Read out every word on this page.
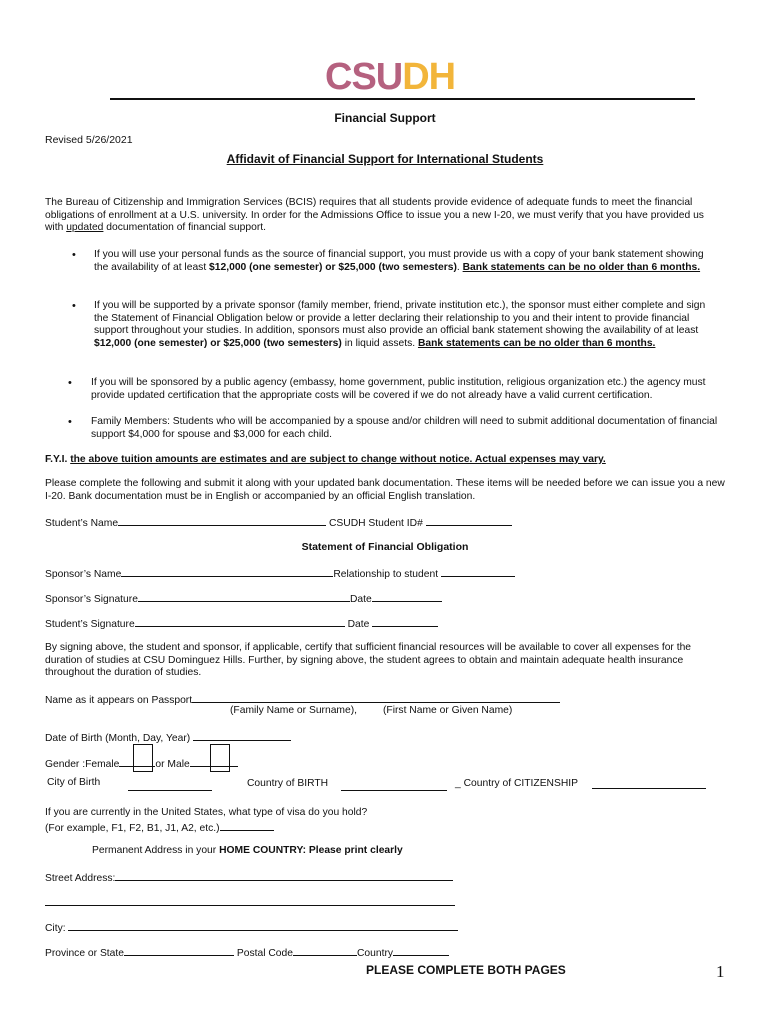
CSUDH
Financial Support
Revised 5/26/2021
Affidavit of Financial Support for International Students
The Bureau of Citizenship and Immigration Services (BCIS) requires that all students provide evidence of adequate funds to meet the financial obligations of enrollment at a U.S. university. In order for the Admissions Office to issue you a new I-20, we must verify that you have provided us with updated documentation of financial support.
• If you will use your personal funds as the source of financial support, you must provide us with a copy of your bank statement showing the availability of at least $12,000 (one semester) or $25,000 (two semesters). Bank statements can be no older than 6 months.
• If you will be supported by a private sponsor (family member, friend, private institution etc.), the sponsor must either complete and sign the Statement of Financial Obligation below or provide a letter declaring their relationship to you and their intent to provide financial support throughout your studies. In addition, sponsors must also provide an official bank statement showing the availability of at least $12,000 (one semester) or $25,000 (two semesters) in liquid assets. Bank statements can be no older than 6 months.
• If you will be sponsored by a public agency (embassy, home government, public institution, religious organization etc.) the agency must provide updated certification that the appropriate costs will be covered if we do not already have a valid current certification.
• Family Members: Students who will be accompanied by a spouse and/or children will need to submit additional documentation of financial support $4,000 for spouse and $3,000 for each child.
F.Y.I. the above tuition amounts are estimates and are subject to change without notice. Actual expenses may vary.
Please complete the following and submit it along with your updated bank documentation. These items will be needed before we can issue you a new I-20. Bank documentation must be in English or accompanied by an official English translation.
Student’s Name	CSUDH Student ID#
Statement of Financial Obligation
Sponsor’s Name	Relationship to student
Sponsor’s Signature	Date
Student’s Signature	Date
By signing above, the student and sponsor, if applicable, certify that sufficient financial resources will be available to cover all expenses for the duration of studies at CSU Dominguez Hills. Further, by signing above, the student agrees to obtain and maintain adequate health insurance throughout the duration of studies.
Name as it appears on Passport
(Family Name or Surname),	(First Name or Given Name)
Date of Birth (Month, Day, Year)
Gender :Female	or Male
City of Birth	Country of BIRTH	_ Country of CITIZENSHIP
If you are currently in the United States, what type of visa do you hold?
(For example, F1, F2, B1, J1, A2, etc.)
Permanent Address in your HOME COUNTRY: Please print clearly
Street Address:
City:
Province or State	Postal Code	Country
PLEASE COMPLETE BOTH PAGES	1
